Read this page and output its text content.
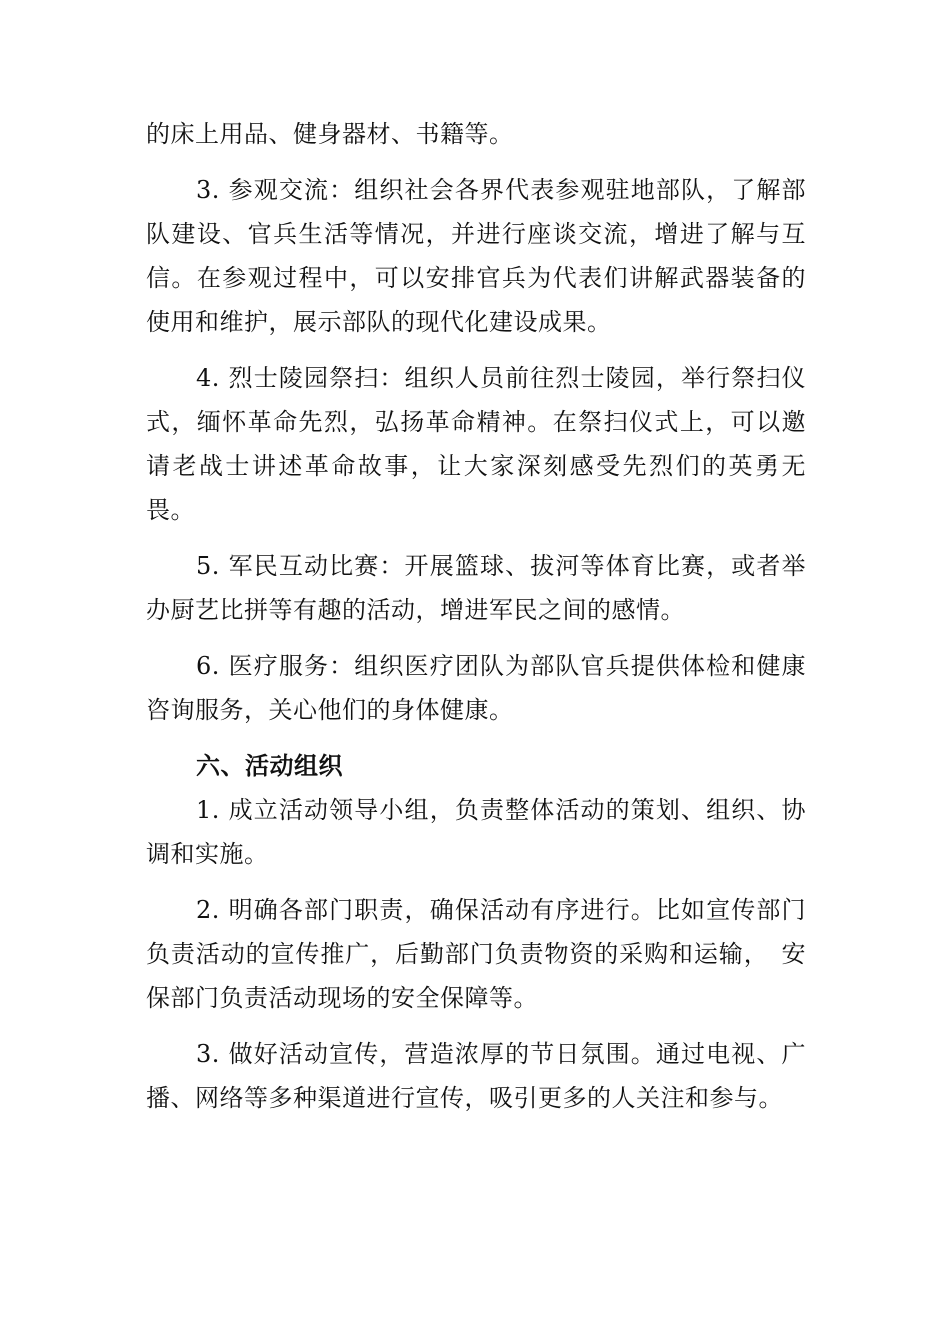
的床上用品、健身器材、书籍等。

3. 参观交流：组织社会各界代表参观驻地部队，了解部队建设、官兵生活等情况，并进行座谈交流，增进了解与互信。在参观过程中，可以安排官兵为代表们讲解武器装备的使用和维护，展示部队的现代化建设成果。

4. 烈士陵园祭扫：组织人员前往烈士陵园，举行祭扫仪式，缅怀革命先烈，弘扬革命精神。在祭扫仪式上，可以邀请老战士讲述革命故事，让大家深刻感受先烈们的英勇无畏。

5. 军民互动比赛：开展篮球、拔河等体育比赛，或者举办厨艺比拼等有趣的活动，增进军民之间的感情。

6. 医疗服务：组织医疗团队为部队官兵提供体检和健康咨询服务，关心他们的身体健康。

六、活动组织

1. 成立活动领导小组，负责整体活动的策划、组织、协调和实施。

2. 明确各部门职责，确保活动有序进行。比如宣传部门负责活动的宣传推广，后勤部门负责物资的采购和运输，　安保部门负责活动现场的安全保障等。

3. 做好活动宣传，营造浓厚的节日氛围。通过电视、广播、网络等多种渠道进行宣传，吸引更多的人关注和参与。
